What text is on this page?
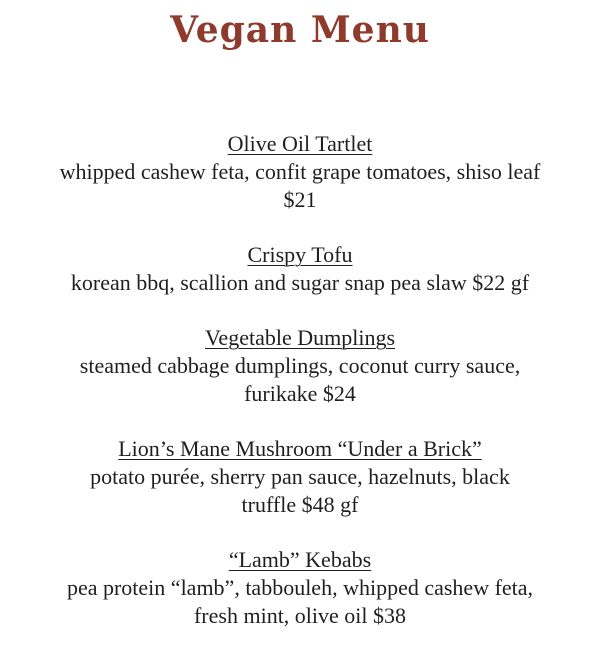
Vegan Menu
Olive Oil Tartlet
whipped cashew feta, confit grape tomatoes, shiso leaf
$21
Crispy Tofu
korean bbq, scallion and sugar snap pea slaw $22 gf
Vegetable Dumplings
steamed cabbage dumplings, coconut curry sauce,
furikake $24
Lion’s Mane Mushroom “Under a Brick”
potato purée, sherry pan sauce, hazelnuts, black
truffle $48 gf
“Lamb” Kebabs
pea protein “lamb”, tabbouleh, whipped cashew feta,
fresh mint, olive oil $38
